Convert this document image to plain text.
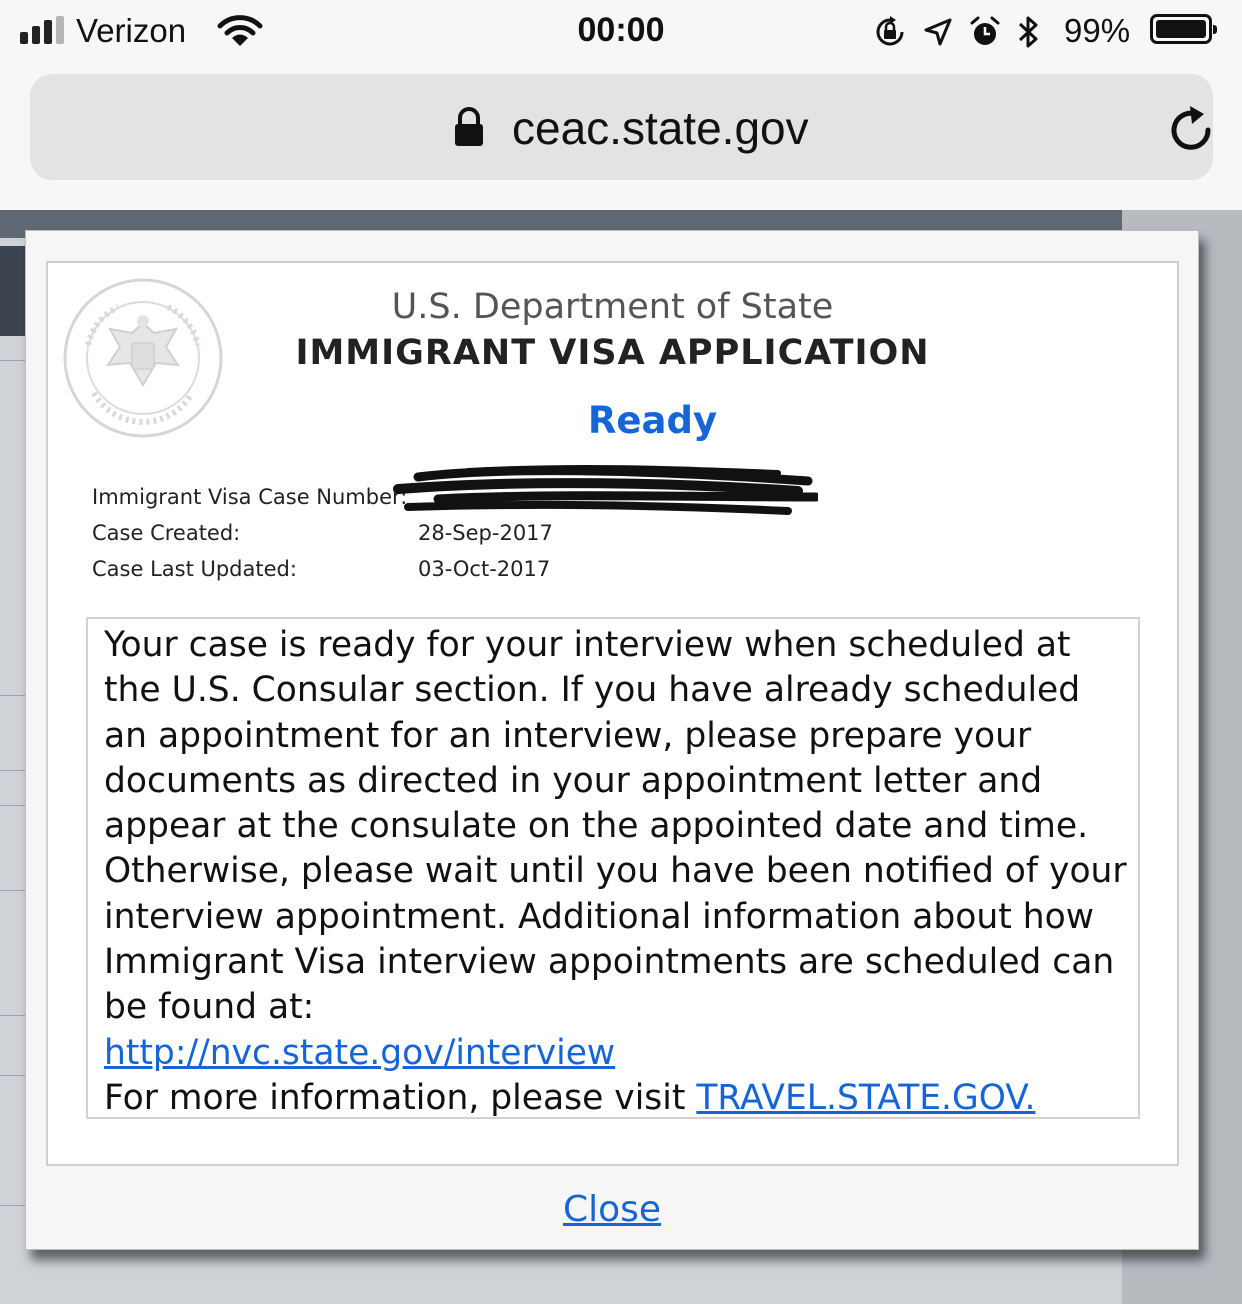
Verizon	00:00	99%
ceac.state.gov
U.S. Department of State
IMMIGRANT VISA APPLICATION
Ready
Immigrant Visa Case Number:
Case Created:	28-Sep-2017
Case Last Updated:	03-Oct-2017
Your case is ready for your interview when scheduled at the U.S. Consular section. If you have already scheduled an appointment for an interview, please prepare your documents as directed in your appointment letter and appear at the consulate on the appointed date and time. Otherwise, please wait until you have been notified of your interview appointment. Additional information about how Immigrant Visa interview appointments are scheduled can be found at:
http://nvc.state.gov/interview
For more information, please visit TRAVEL.STATE.GOV.
Close
